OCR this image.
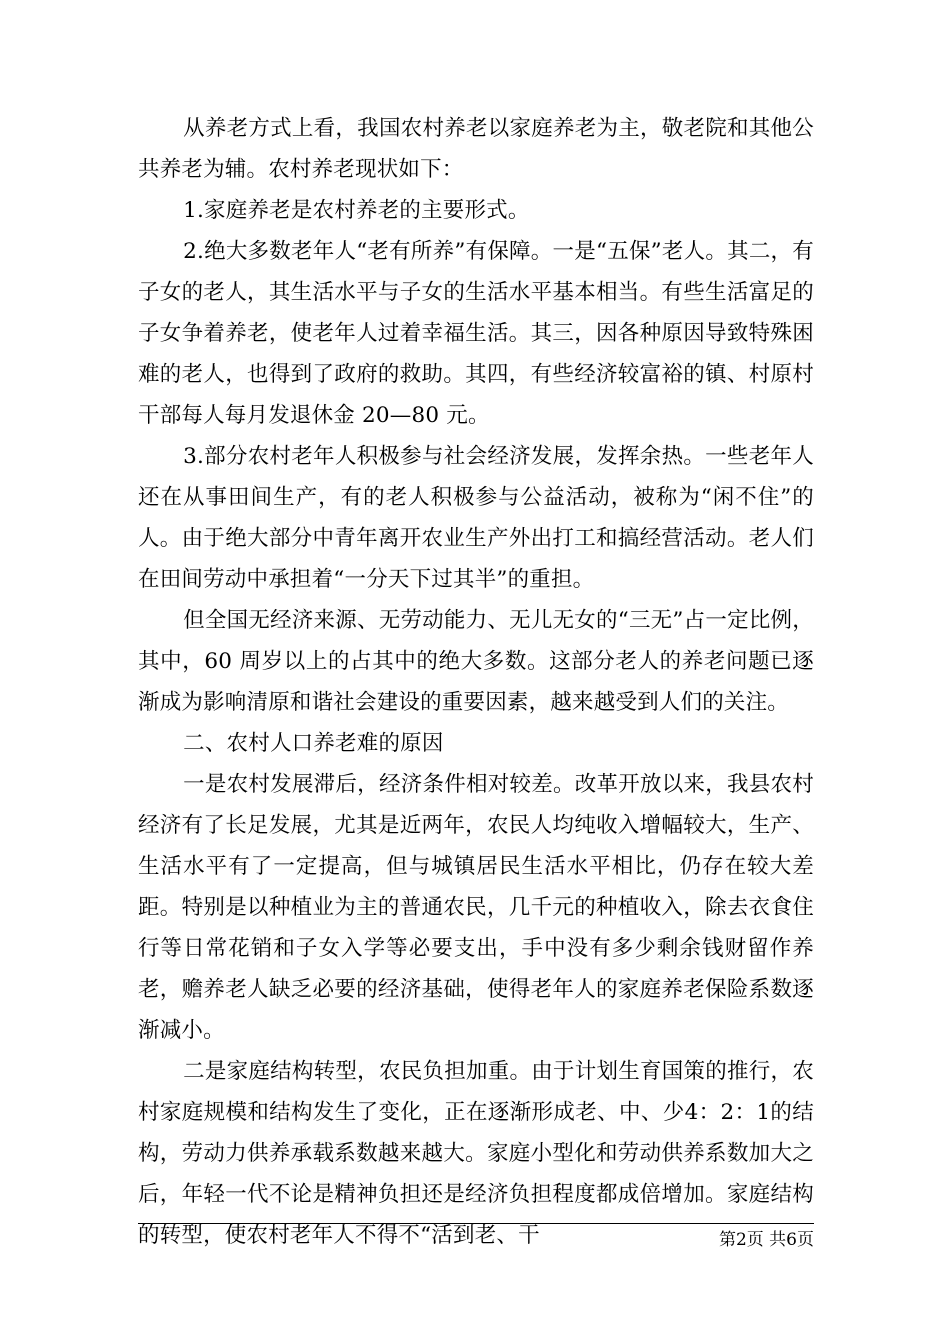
从养老方式上看，我国农村养老以家庭养老为主，敬老院和其他公共养老为辅。农村养老现状如下：

1.家庭养老是农村养老的主要形式。

2.绝大多数老年人“老有所养”有保障。一是“五保”老人。其二，有子女的老人，其生活水平与子女的生活水平基本相当。有些生活富足的子女争着养老，使老年人过着幸福生活。其三，因各种原因导致特殊困难的老人，也得到了政府的救助。其四，有些经济较富裕的镇、村原村干部每人每月发退休金 20—80 元。

3.部分农村老年人积极参与社会经济发展，发挥余热。一些老年人还在从事田间生产，有的老人积极参与公益活动，被称为“闲不住”的人。由于绝大部分中青年离开农业生产外出打工和搞经营活动。老人们在田间劳动中承担着“一分天下过其半”的重担。

但全国无经济来源、无劳动能力、无儿无女的“三无”占一定比例，其中，60 周岁以上的占其中的绝大多数。这部分老人的养老问题已逐渐成为影响清原和谐社会建设的重要因素，越来越受到人们的关注。

二、农村人口养老难的原因

一是农村发展滞后，经济条件相对较差。改革开放以来，我县农村经济有了长足发展，尤其是近两年，农民人均纯收入增幅较大，生产、生活水平有了一定提高，但与城镇居民生活水平相比，仍存在较大差距。特别是以种植业为主的普通农民，几千元的种植收入，除去衣食住行等日常花销和子女入学等必要支出，手中没有多少剩余钱财留作养老，赡养老人缺乏必要的经济基础，使得老年人的家庭养老保险系数逐渐减小。

二是家庭结构转型，农民负担加重。由于计划生育国策的推行，农村家庭规模和结构发生了变化，正在逐渐形成老、中、少4：2：1的结构，劳动力供养承载系数越来越大。家庭小型化和劳动供养系数加大之后，年轻一代不论是精神负担还是经济负担程度都成倍增加。家庭结构的转型，使农村老年人不得不“活到老、干	第2页 共6页
